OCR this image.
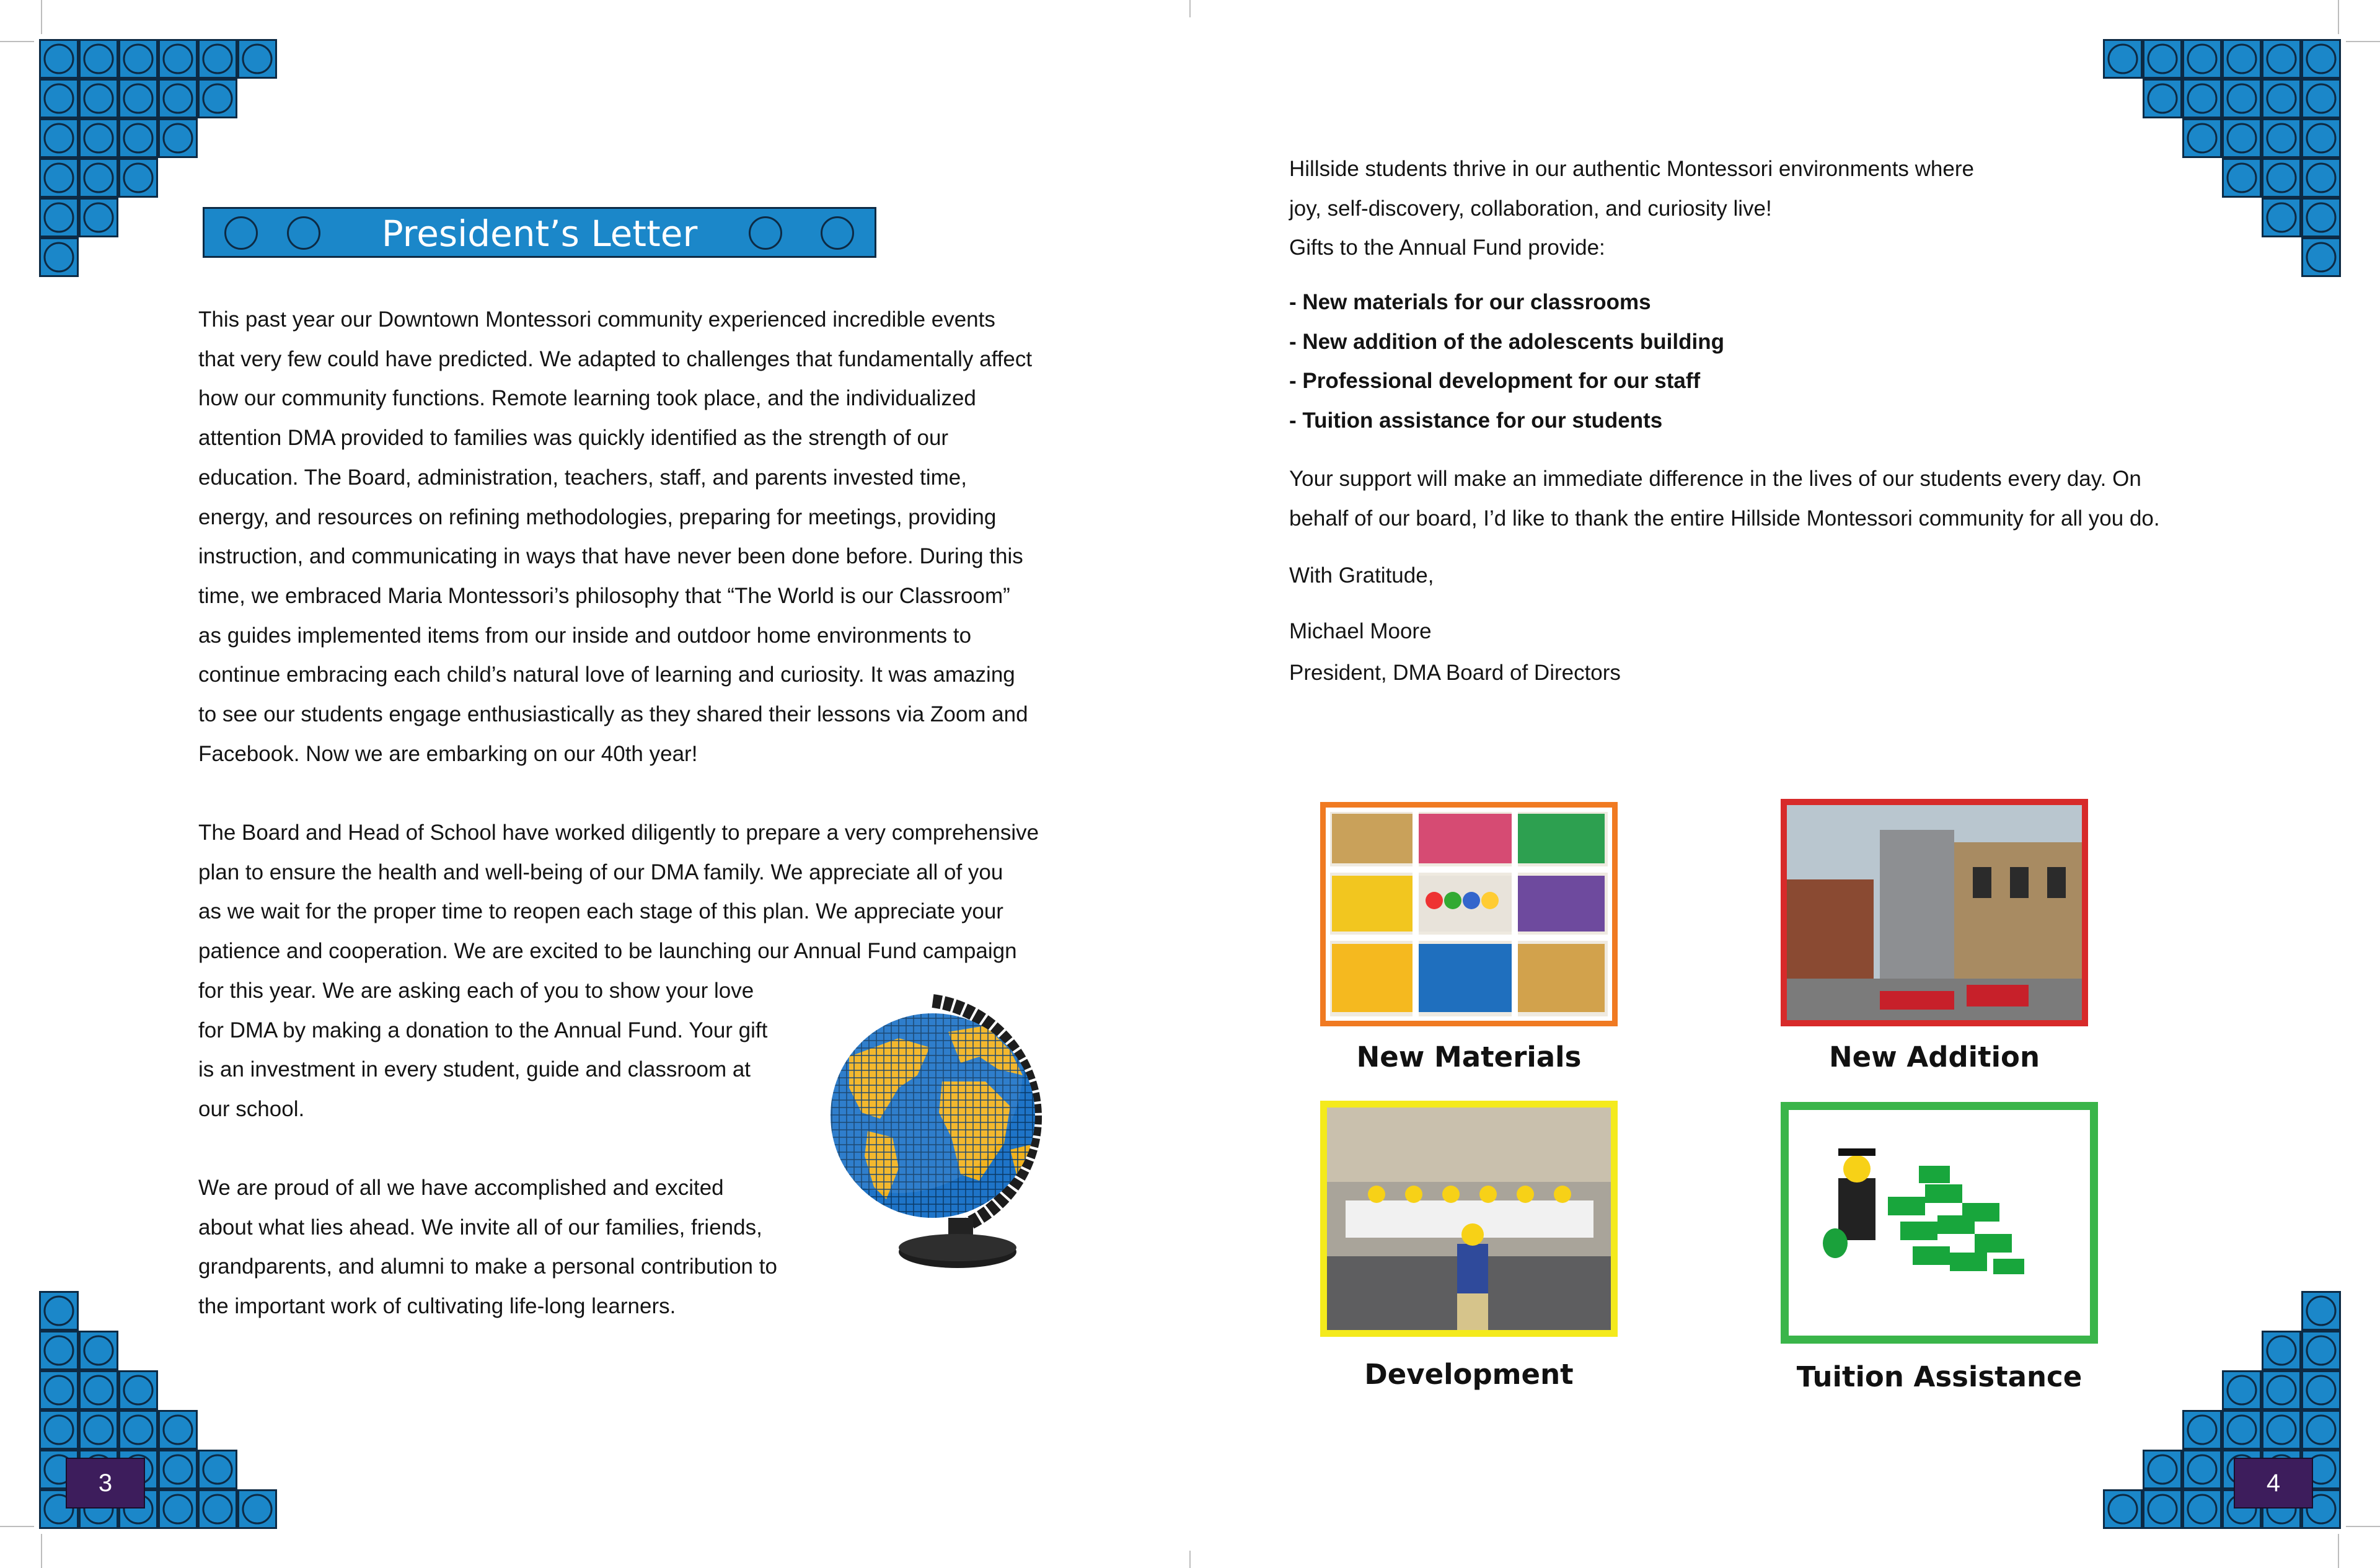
3	4
President’s Letter
This past year our Downtown Montessori community experienced incredible events
that very few could have predicted. We adapted to challenges that fundamentally affect
how our community functions. Remote learning took place, and the individualized
attention DMA provided to families was quickly identified as the strength of our
education. The Board, administration, teachers, staff, and parents invested time,
energy, and resources on refining methodologies, preparing for meetings, providing
instruction, and communicating in ways that have never been done before. During this
time, we embraced Maria Montessori’s philosophy that “The World is our Classroom”
as guides implemented items from our inside and outdoor home environments to
continue embracing each child’s natural love of learning and curiosity. It was amazing
to see our students engage enthusiastically as they shared their lessons via Zoom and
Facebook. Now we are embarking on our 40th year!
The Board and Head of School have worked diligently to prepare a very comprehensive
plan to ensure the health and well-being of our DMA family. We appreciate all of you
as we wait for the proper time to reopen each stage of this plan. We appreciate your
patience and cooperation. We are excited to be launching our Annual Fund campaign
for this year. We are asking each of you to show your love
for DMA by making a donation to the Annual Fund. Your gift
is an investment in every student, guide and classroom at
our school.
We are proud of all we have accomplished and excited
about what lies ahead. We invite all of our families, friends,
grandparents, and alumni to make a personal contribution to
the important work of cultivating life-long learners.
Hillside students thrive in our authentic Montessori environments where
joy, self-discovery, collaboration, and curiosity live!
Gifts to the Annual Fund provide:
- New materials for our classrooms
- New addition of the adolescents building
- Professional development for our staff
- Tuition assistance for our students
Your support will make an immediate difference in the lives of our students every day. On
behalf of our board, I’d like to thank the entire Hillside Montessori community for all you do.
With Gratitude,
Michael Moore
President, DMA Board of Directors
New Materials	New Addition
Development	Tuition Assistance
